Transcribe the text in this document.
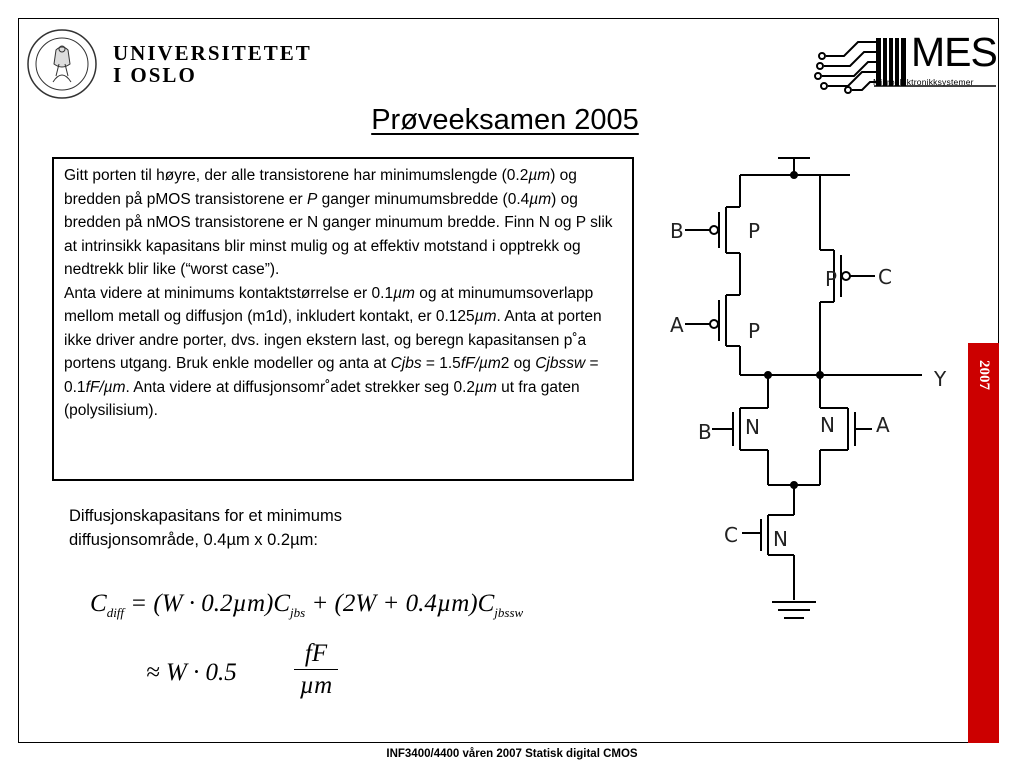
UNIVERSITETET
I OSLO	MES
Mikroelektronikksystemer
Prøveeksamen 2005

Gitt porten til høyre, der alle transistorene har minimumslengde (0.2µm) og bredden på pMOS transistorene er P ganger minumumsbredde (0.4µm) og bredden på nMOS transistorene er N ganger minumum bredde. Finn N og P slik at intrinsikk kapasitans blir minst mulig og at effektiv motstand i opptrekk og nedtrekk blir like (“worst case”).

Anta videre at minimums kontaktstørrelse er 0.1µm og at minumumsoverlapp mellom metall og diffusjon (m1d), inkludert kontakt, er 0.125µm. Anta at porten ikke driver andre porter, dvs. ingen ekstern last, og beregn kapasitansen p˚a portens utgang. Bruk enkle modeller og anta at Cjbs = 1.5fF/µm2 og Cjbssw = 0.1fF/µm. Anta videre at diffusjonsomr˚adet strekker seg 0.2µm ut fra gaten (polysilisium).

Diffusjonskapasitans for et minimums
diffusjonsområde, 0.4µm x 0.2µm:
$C_{diff} = (W \cdot 0.2\mu m)C_{jbs} + (2W + 0.4\mu m)C_{jbssw}$
≈ W · 0.5
fF
µm
B	P
A	P
P C
Y
B N	N A
C N
2007
INF3400/4400 våren 2007 Statisk digital CMOS
